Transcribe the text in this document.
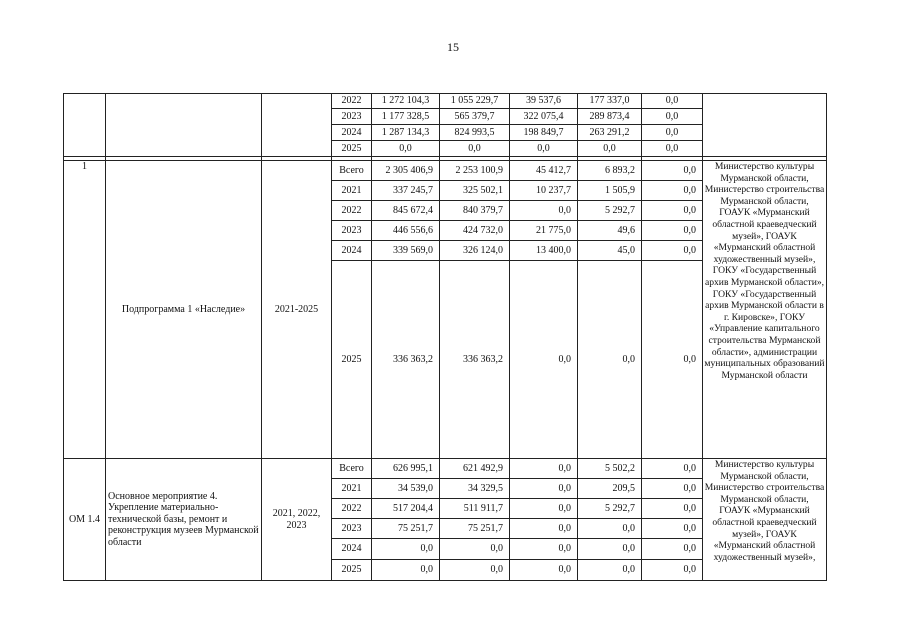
15
			2022	1 272 104,3	1 055 229,7	39 537,6	177 337,0	0,0	
			2023	1 177 328,5	565 379,7	322 075,4	289 873,4	0,0	
			2024	1 287 134,3	824 993,5	198 849,7	263 291,2	0,0	
			2025	0,0	0,0	0,0	0,0	0,0	

1	Подпрограмма 1 «Наследие»	2021-2025	Всего	2 305 406,9	2 253 100,9	45 412,7	6 893,2	0,0	Министерство культуры Мурманской области, Министерство строительства Мурманской области, ГОАУК «Мурманский областной краеведческий музей», ГОАУК «Мурманский областной художественный музей», ГОКУ «Государственный архив Мурманской области», ГОКУ «Государственный архив Мурманской области в г. Кировске», ГОКУ «Управление капитального строительства Мурманской области», администрации муниципальных образований Мурманской области
			2021	337 245,7	325 502,1	10 237,7	1 505,9	0,0	
			2022	845 672,4	840 379,7	0,0	5 292,7	0,0	
			2023	446 556,6	424 732,0	21 775,0	49,6	0,0	
			2024	339 569,0	326 124,0	13 400,0	45,0	0,0	
			2025	336 363,2	336 363,2	0,0	0,0	0,0	
ОМ 1.4	Основное мероприятие 4. Укрепление материально-технической базы, ремонт и реконструкция музеев Мурманской области	2021, 2022, 2023	Всего	626 995,1	621 492,9	0,0	5 502,2	0,0	Министерство культуры Мурманской области, Министерство строительства Мурманской области, ГОАУК «Мурманский областной краеведческий музей», ГОАУК «Мурманский областной художественный музей»,
			2021	34 539,0	34 329,5	0,0	209,5	0,0	
			2022	517 204,4	511 911,7	0,0	5 292,7	0,0	
			2023	75 251,7	75 251,7	0,0	0,0	0,0	
			2024	0,0	0,0	0,0	0,0	0,0	
			2025	0,0	0,0	0,0	0,0	0,0	
